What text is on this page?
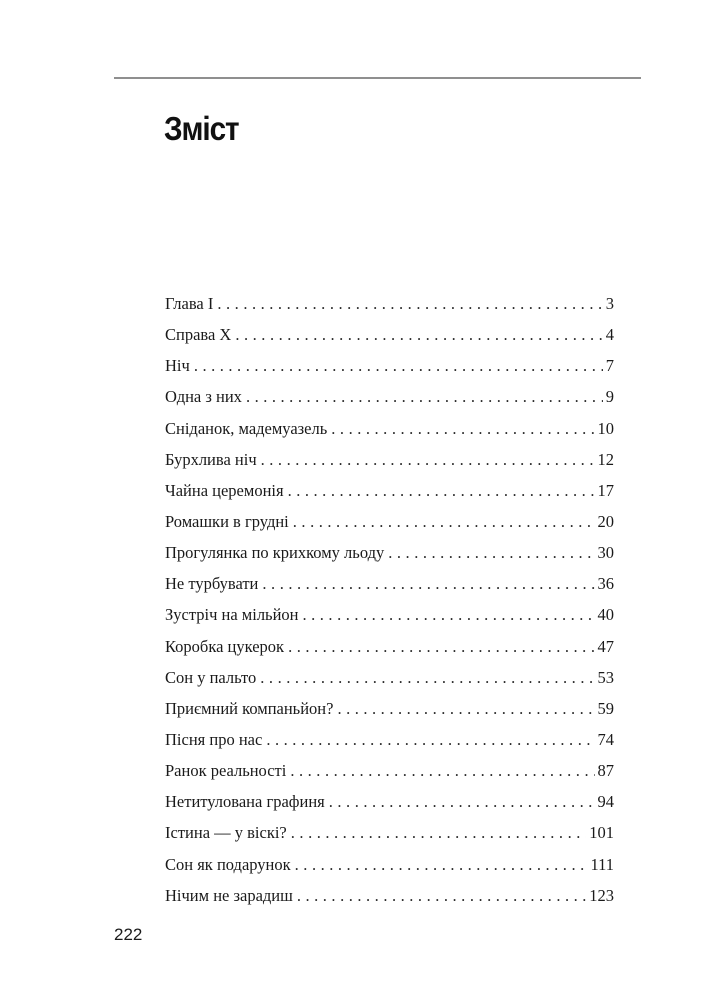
Зміст
Глава І . . .	3
Справа Х . . .	4
Ніч . . .	7
Одна з них . . .	9
Сніданок, мадемуазель . . .	10
Бурхлива ніч . . .	12
Чайна церемонія . . .	17
Ромашки в грудні . . .	20
Прогулянка по крихкому льоду . . .	30
Не турбувати . . .	36
Зустріч на мільйон . . .	40
Коробка цукерок . . .	47
Сон у пальто . . .	53
Приємний компаньйон? . . .	59
Пісня про нас . . .	74
Ранок реальності . . .	87
Нетитулована графиня . . .	94
Істина — у віскі? . . .	101
Сон як подарунок . . .	111
Нічим не зарадиш . . .	123
222
